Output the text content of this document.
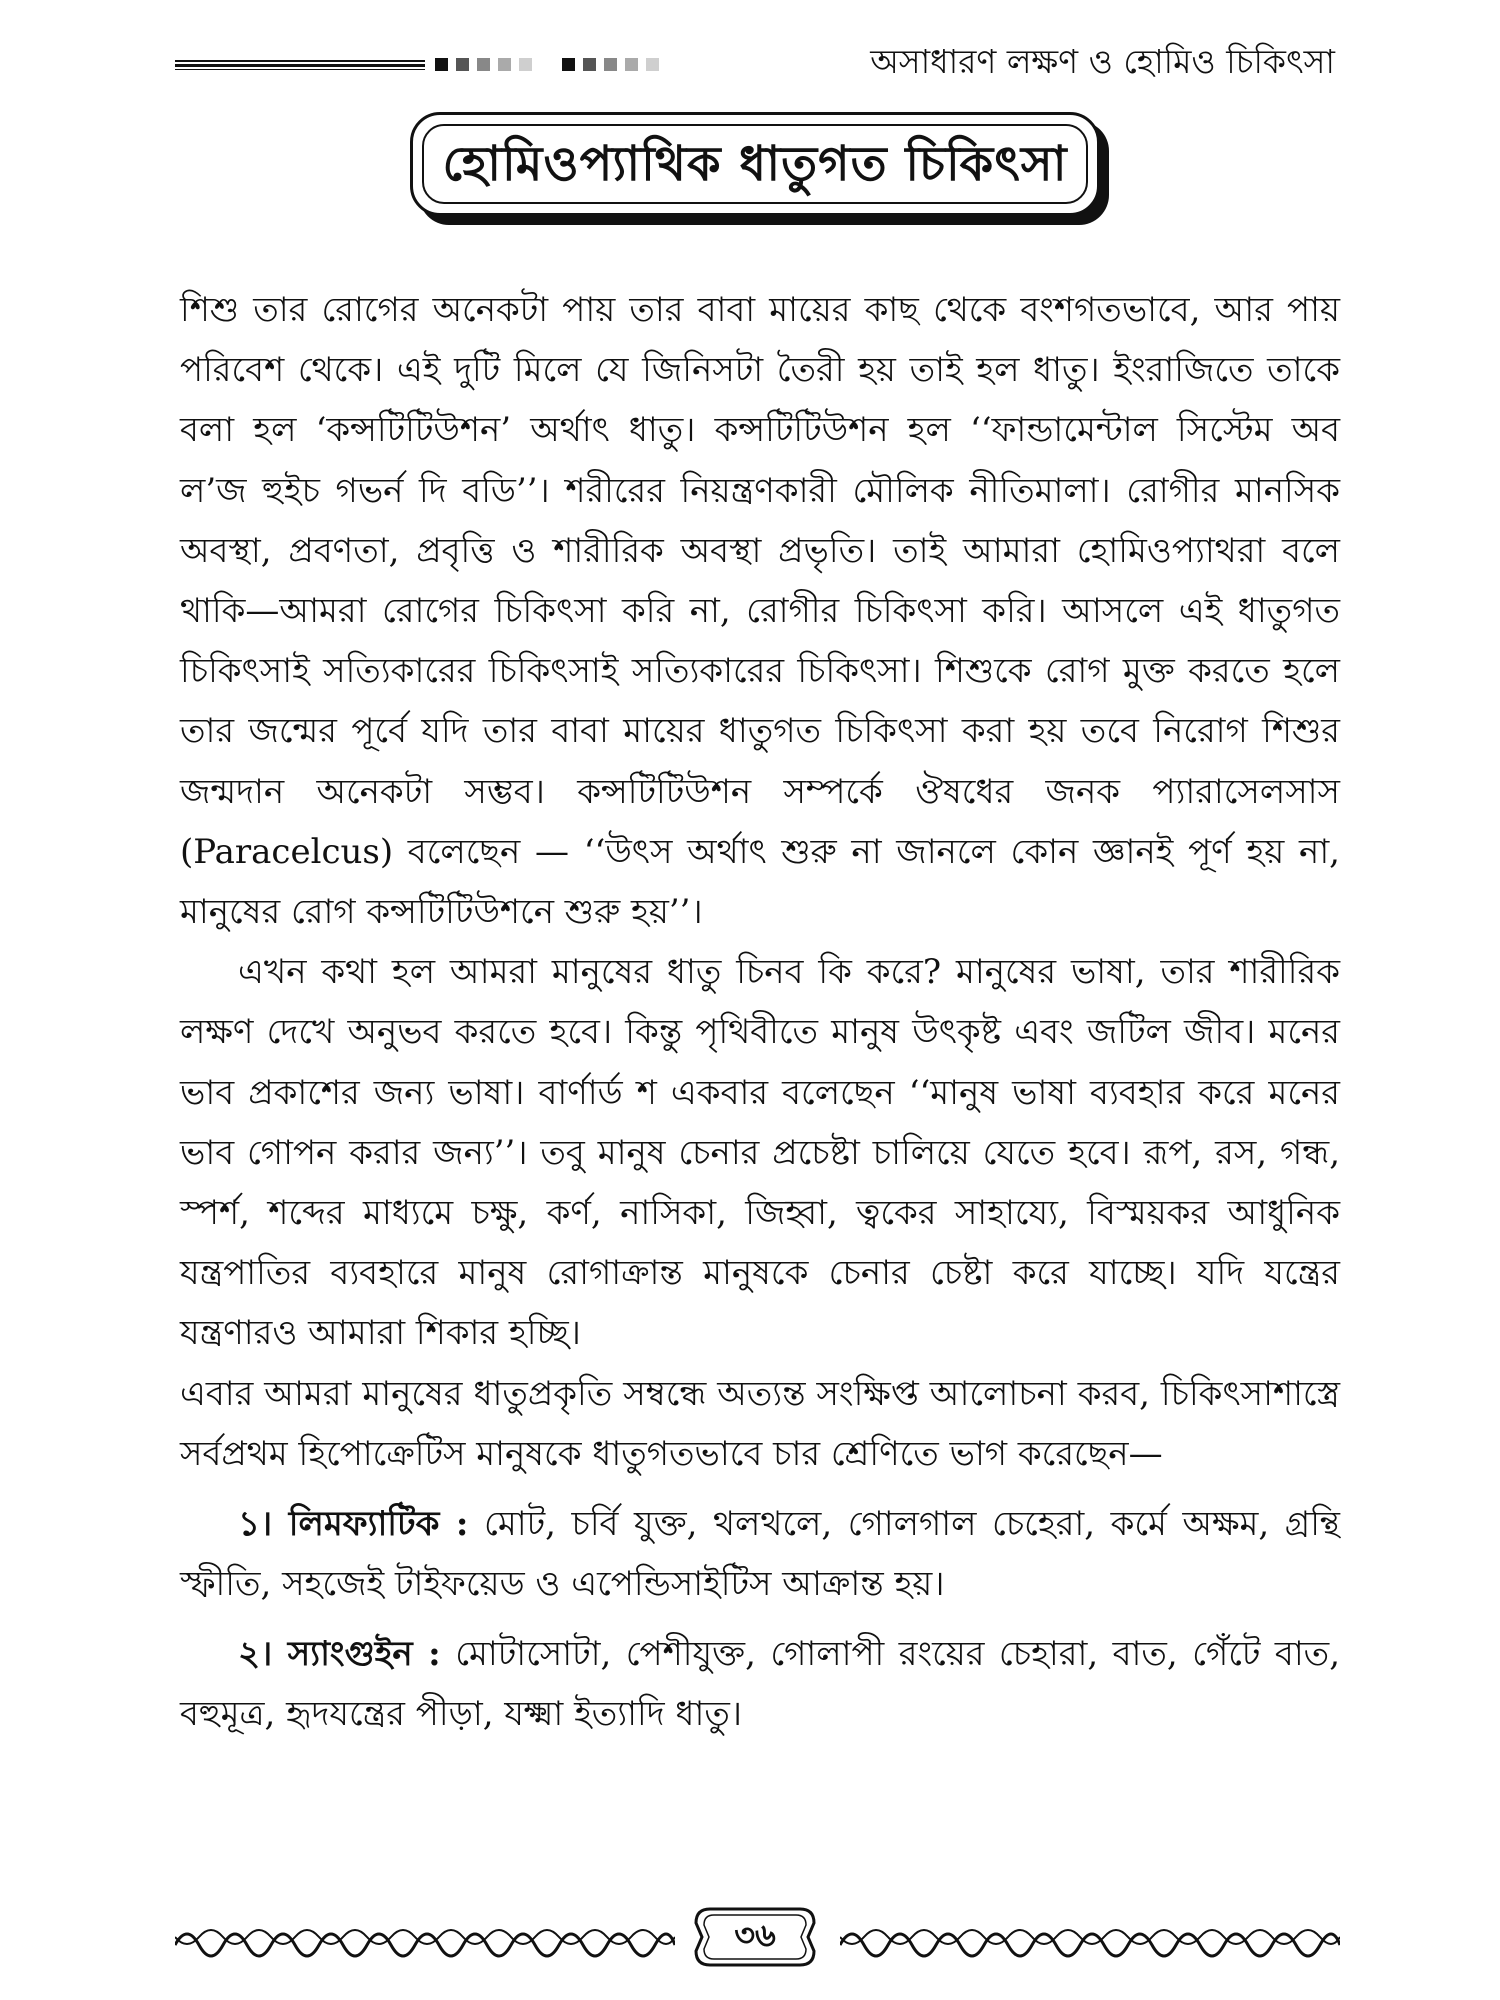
অসাধারণ লক্ষণ ও হোমিও চিকিৎসা
হোমিওপ্যাথিক ধাতুগত চিকিৎসা

শিশু তার রোগের অনেকটা পায় তার বাবা মায়ের কাছ থেকে বংশগতভাবে, আর পায় পরিবেশ থেকে। এই দুটি মিলে যে জিনিসটা তৈরী হয় তাই হল ধাতু। ইংরাজিতে তাকে বলা হল ‘কন্সটিটিউশন’ অর্থাৎ ধাতু। কন্সটিটিউশন হল ‘‘ফান্ডামেন্টাল সিস্টেম অব ল’জ হুইচ গভর্ন দি বডি’’। শরীরের নিয়ন্ত্রণকারী মৌলিক নীতিমালা। রোগীর মানসিক অবস্থা, প্রবণতা, প্রবৃত্তি ও শারীরিক অবস্থা প্রভৃতি। তাই আমারা হোমিওপ্যাথরা বলে থাকি—আমরা রোগের চিকিৎসা করি না, রোগীর চিকিৎসা করি। আসলে এই ধাতুগত চিকিৎসাই সত্যিকারের চিকিৎসাই সত্যিকারের চিকিৎসা। শিশুকে রোগ মুক্ত করতে হলে তার জন্মের পূর্বে যদি তার বাবা মায়ের ধাতুগত চিকিৎসা করা হয় তবে নিরোগ শিশুর জন্মদান অনেকটা সম্ভব। কন্সটিটিউশন সম্পর্কে ঔষধের জনক প্যারাসেলসাস (Paracelcus) বলেছেন — ‘‘উৎস অর্থাৎ শুরু না জানলে কোন জ্ঞানই পূর্ণ হয় না, মানুষের রোগ কন্সটিটিউশনে শুরু হয়’’।

এখন কথা হল আমরা মানুষের ধাতু চিনব কি করে? মানুষের ভাষা, তার শারীরিক লক্ষণ দেখে অনুভব করতে হবে। কিন্তু পৃথিবীতে মানুষ উৎকৃষ্ট এবং জটিল জীব। মনের ভাব প্রকাশের জন্য ভাষা। বার্ণার্ড শ একবার বলেছেন ‘‘মানুষ ভাষা ব্যবহার করে মনের ভাব গোপন করার জন্য’’। তবু মানুষ চেনার প্রচেষ্টা চালিয়ে যেতে হবে। রূপ, রস, গন্ধ, স্পর্শ, শব্দের মাধ্যমে চক্ষু, কর্ণ, নাসিকা, জিহ্বা, ত্বকের সাহায্যে, বিস্ময়কর আধুনিক যন্ত্রপাতির ব্যবহারে মানুষ রোগাক্রান্ত মানুষকে চেনার চেষ্টা করে যাচ্ছে। যদি যন্ত্রের যন্ত্রণারও আমারা শিকার হচ্ছি।

এবার আমরা মানুষের ধাতুপ্রকৃতি সম্বন্ধে অত্যন্ত সংক্ষিপ্ত আলোচনা করব, চিকিৎসাশাস্ত্রে সর্বপ্রথম হিপোক্রেটিস মানুষকে ধাতুগতভাবে চার শ্রেণিতে ভাগ করেছেন—

১। লিমফ্যাটিক : মোট, চর্বি যুক্ত, থলথলে, গোলগাল চেহেরা, কর্মে অক্ষম, গ্রন্থি স্ফীতি, সহজেই টাইফয়েড ও এপেন্ডিসাইটিস আক্রান্ত হয়।

২। স্যাংগুইন : মোটাসোটা, পেশীযুক্ত, গোলাপী রংয়ের চেহারা, বাত, গেঁটে বাত, বহুমূত্র, হৃদযন্ত্রের পীড়া, যক্ষ্মা ইত্যাদি ধাতু।

৩৬
